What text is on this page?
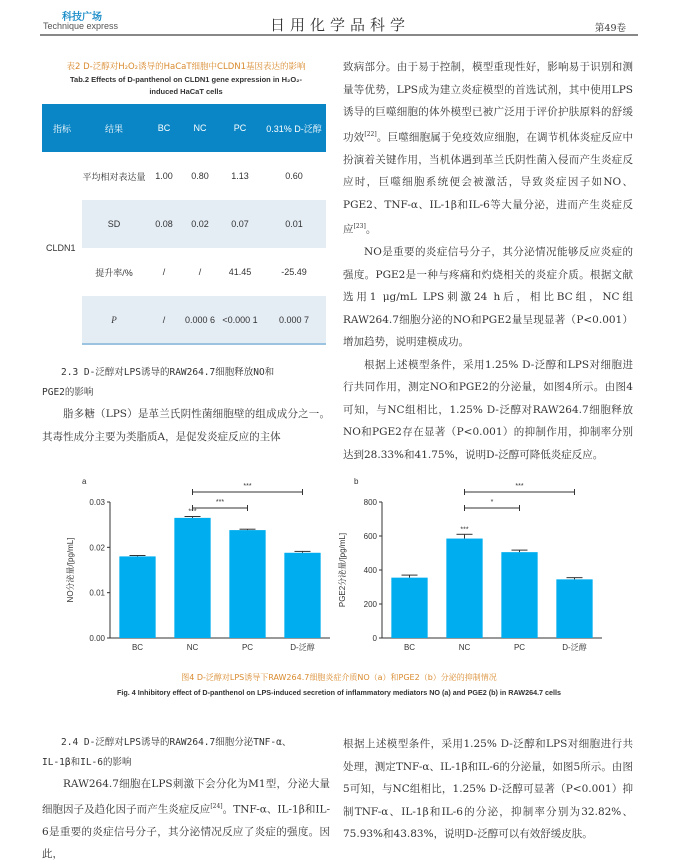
科技广场
Technique express	日用化学品科学	第49卷
表2 D-泛醇对H₂O₂诱导的HaCaT细胞中CLDN1基因表达的影响
Tab.2 Effects of D-panthenol on CLDN1 gene expression in H₂O₂-
induced HaCaT cells
指标	结果	BC	NC	PC	0.31% D-泛醇
CLDN1	平均相对表达量	1.00	0.80	1.13	0.60
	SD	0.08	0.02	0.07	0.01
	提升率/%	/	/	41.45	-25.49
	P	/	0.000 6	<0.000 1	0.000 7
2.3 D-泛醇对LPS诱导的RAW264.7细胞释放NO和
PGE2的影响

脂多糖（LPS）是革兰氏阴性菌细胞壁的组成成分之一。其毒性成分主要为类脂质A，是促发炎症反应的主体

致病部分。由于易于控制，模型重现性好，影响易于识别和测量等优势，LPS成为建立炎症模型的首选试剂，其中使用LPS诱导的巨噬细胞的体外模型已被广泛用于评价护肤原料的舒缓功效[22]。巨噬细胞属于免疫效应细胞，在调节机体炎症反应中扮演着关键作用，当机体遇到革兰氏阴性菌入侵而产生炎症反应时，巨噬细胞系统便会被激活，导致炎症因子如NO、PGE2、TNF-α、IL-1β和IL-6等大量分泌，进而产生炎症反应[23]。

NO是重要的炎症信号分子，其分泌情况能够反应炎症的强度。PGE2是一种与疼痛和灼烧相关的炎症介质。根据文献选用1 μg/mL LPS刺激24 h后，相比BC组，NC组RAW264.7细胞分泌的NO和PGE2量呈现显著（P<0.001）增加趋势，说明建模成功。

根据上述模型条件，采用1.25% D-泛醇和LPS对细胞进行共同作用，测定NO和PGE2的分泌量，如图4所示。由图4可知，与NC组相比，1.25% D-泛醇对RAW264.7细胞释放NO和PGE2存在显著（P<0.001）的抑制作用，抑制率分别达到28.33%和41.75%，说明D-泛醇可降低炎症反应。

a
0.00
0.01
0.02
0.03
NO分泌量/[pg/mL]
BC	NC	PC	D-泛醇
***
***
***
b
0
200
400
600
800
PGE2分泌量/[pg/mL]
BC	NC	PC	D-泛醇
***
*
***
图4 D-泛醇对LPS诱导下RAW264.7细胞炎症介质NO（a）和PGE2（b）分泌的抑制情况
Fig. 4 Inhibitory effect of D-panthenol on LPS-induced secretion of inflammatory mediators NO (a) and PGE2 (b) in RAW264.7 cells
2.4 D-泛醇对LPS诱导的RAW264.7细胞分泌TNF-α、
IL-1β和IL-6的影响

RAW264.7细胞在LPS刺激下会分化为M1型，分泌大量细胞因子及趋化因子而产生炎症反应[24]。TNF-α、IL-1β和IL-6是重要的炎症信号分子，其分泌情况反应了炎症的强度。因此，

根据上述模型条件，采用1.25% D-泛醇和LPS对细胞进行共处理，测定TNF-α、IL-1β和IL-6的分泌量，如图5所示。由图5可知，与NC组相比，1.25% D-泛醇可显著（P<0.001）抑制TNF-α、IL-1β和IL-6的分泌，抑制率分别为32.82%、75.93%和43.83%，说明D-泛醇可以有效舒缓皮肤。
